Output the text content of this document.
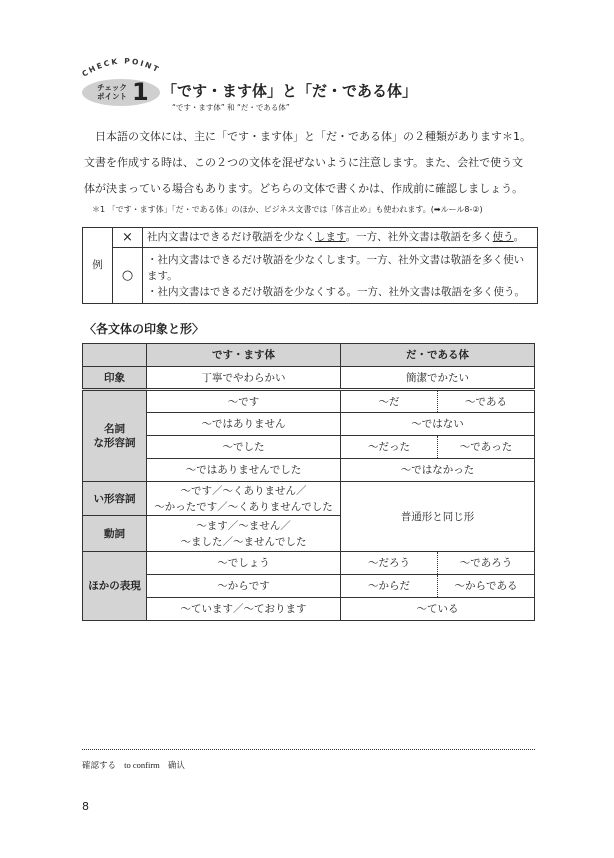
CHECK POINT
チェック
ポイント 1 「です・ます体」と「だ・である体」
“です・ます体” 和 “だ・である体”
　日本語の文体には、主に「です・ます体」と「だ・である体」の２種類があります＊1。
文書を作成する時は、この２つの文体を混ぜないように注意します。また、会社で使う文
体が決まっている場合もあります。どちらの文体で書くかは、作成前に確認しましょう。
＊1 「です・ます体」「だ・である体」のほか、ビジネス文書では「体言止め」も使われます。(➡ルール8-②)
例	×	社内文書はできるだけ敬語を少なくします。一方、社外文書は敬語を多く使う。
	○	・社内文書はできるだけ敬語を少なくします。一方、社外文書は敬語を多く使います。
・社内文書はできるだけ敬語を少なくする。一方、社外文書は敬語を多く使う。
〈各文体の印象と形〉
	です・ます体	だ・である体	
印象	丁寧でやわらかい	簡潔でかたい	
名詞
な形容詞	〜です	〜だ	〜である
	〜ではありません	〜ではない	
	〜でした	〜だった	〜であった
	〜ではありませんでした	〜ではなかった	
い形容詞	〜です／〜くありません／
〜かったです／〜くありませんでした	普通形と同じ形	
動詞	〜ます／〜ません／
〜ました／〜ませんでした		
ほかの表現	〜でしょう	〜だろう	〜であろう
	〜からです	〜からだ	〜からである
	〜ています／〜ております	〜ている	
確認する to confirm 确认
8
